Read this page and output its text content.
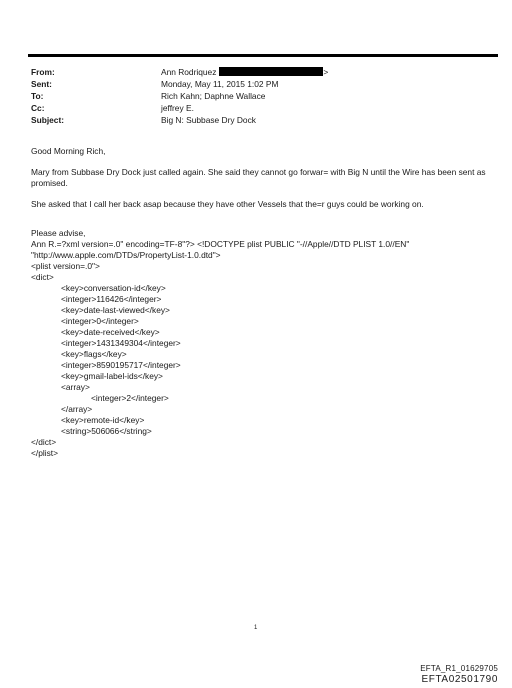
From:	Ann Rodriquez	>
Sent:	Monday, May 11, 2015 1:02 PM
To:	Rich Kahn; Daphne Wallace
Cc:	jeffrey E.
Subject:	Big N: Subbase Dry Dock

Good Morning Rich,

Mary from Subbase Dry Dock just called again. She said they cannot go forwar= with Big N until the Wire has been sent as promised.

She asked that I call her back asap because they have other Vessels that the=r guys could be working on.

Please advise,
Ann R.=?xml version=.0" encoding=TF-8"?> <!DOCTYPE plist PUBLIC "-//Apple//DTD PLIST 1.0//EN"
"http://www.apple.com/DTDs/PropertyList-1.0.dtd">
<plist version=.0">
<dict>
<key>conversation-id</key>
<integer>116426</integer>
<key>date-last-viewed</key>
<integer>0</integer>
<key>date-received</key>
<integer>1431349304</integer>
<key>flags</key>
<integer>8590195717</integer>
<key>gmail-label-ids</key>
<array>
<integer>2</integer>
</array>
<key>remote-id</key>
<string>506066</string>
</dict>
</plist>
1
EFTA_R1_01629705
EFTA02501790
